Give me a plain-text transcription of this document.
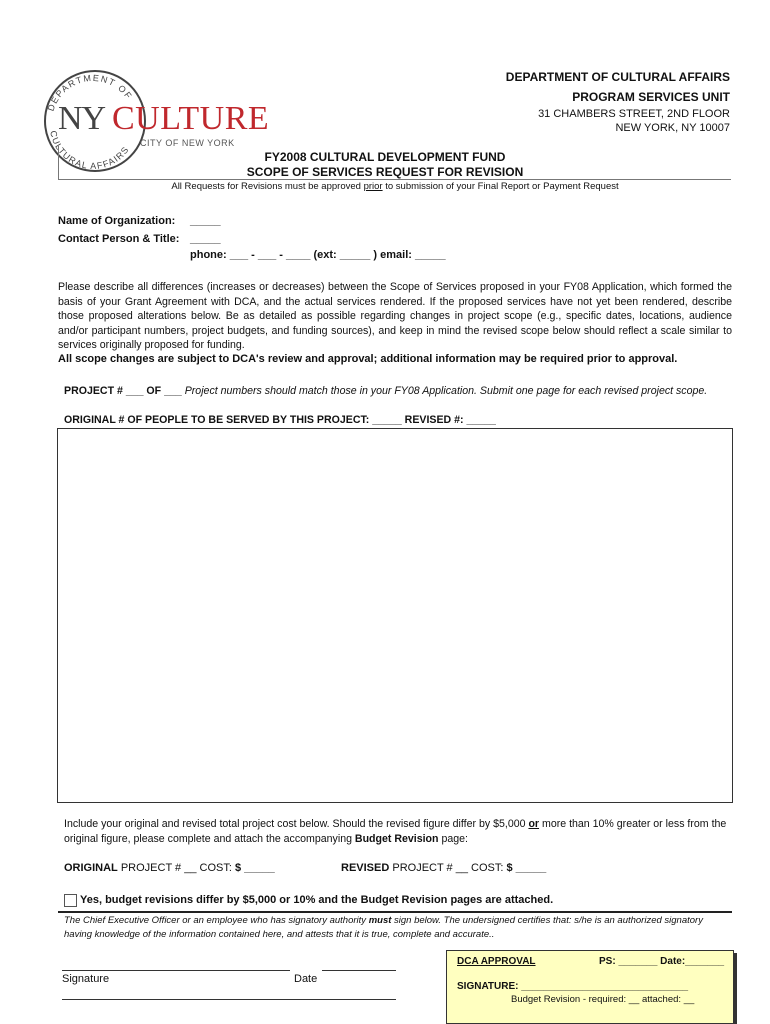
DEPARTMENT OF
CULTURAL AFFAIRS
NY CULTURE
CITY OF NEW YORK
DEPARTMENT OF CULTURAL AFFAIRS
PROGRAM SERVICES UNIT
31 CHAMBERS STREET, 2ND FLOOR
NEW YORK, NY 10007
FY2008 CULTURAL DEVELOPMENT FUND
SCOPE OF SERVICES REQUEST FOR REVISION
All Requests for Revisions must be approved prior to submission of your Final Report or Payment Request
Name of Organization: _____
Contact Person & Title: _____
phone: ___ - ___ - ____ (ext: _____ ) email: _____
Please describe all differences (increases or decreases) between the Scope of Services proposed in your FY08 Application, which formed the basis of your Grant Agreement with DCA, and the actual services rendered. If the proposed services have not yet been rendered, describe those proposed alterations below. Be as detailed as possible regarding changes in project scope (e.g., specific dates, locations, audience and/or participant numbers, project budgets, and funding sources), and keep in mind the revised scope below should reflect a scale similar to services originally proposed for funding.
All scope changes are subject to DCA's review and approval; additional information may be required prior to approval.
PROJECT # ___ OF ___ Project numbers should match those in your FY08 Application. Submit one page for each revised project scope.
ORIGINAL # OF PEOPLE TO BE SERVED BY THIS PROJECT: _____ REVISED #: _____
Include your original and revised total project cost below. Should the revised figure differ by $5,000 or more than 10% greater or less from the original figure, please complete and attach the accompanying Budget Revision page:
ORIGINAL PROJECT # __ COST: $ _____	REVISED PROJECT # __ COST: $ _____
Yes, budget revisions differ by $5,000 or 10% and the Budget Revision pages are attached.
The Chief Executive Officer or an employee who has signatory authority must sign below. The undersigned certifies that: s/he is an authorized signatory having knowledge of the information contained here, and attests that it is true, complete and accurate..
Signature	Date
DCA APPROVAL	PS: _______ Date:_______
SIGNATURE: ______________________________
Budget Revision - required: __ attached: __
